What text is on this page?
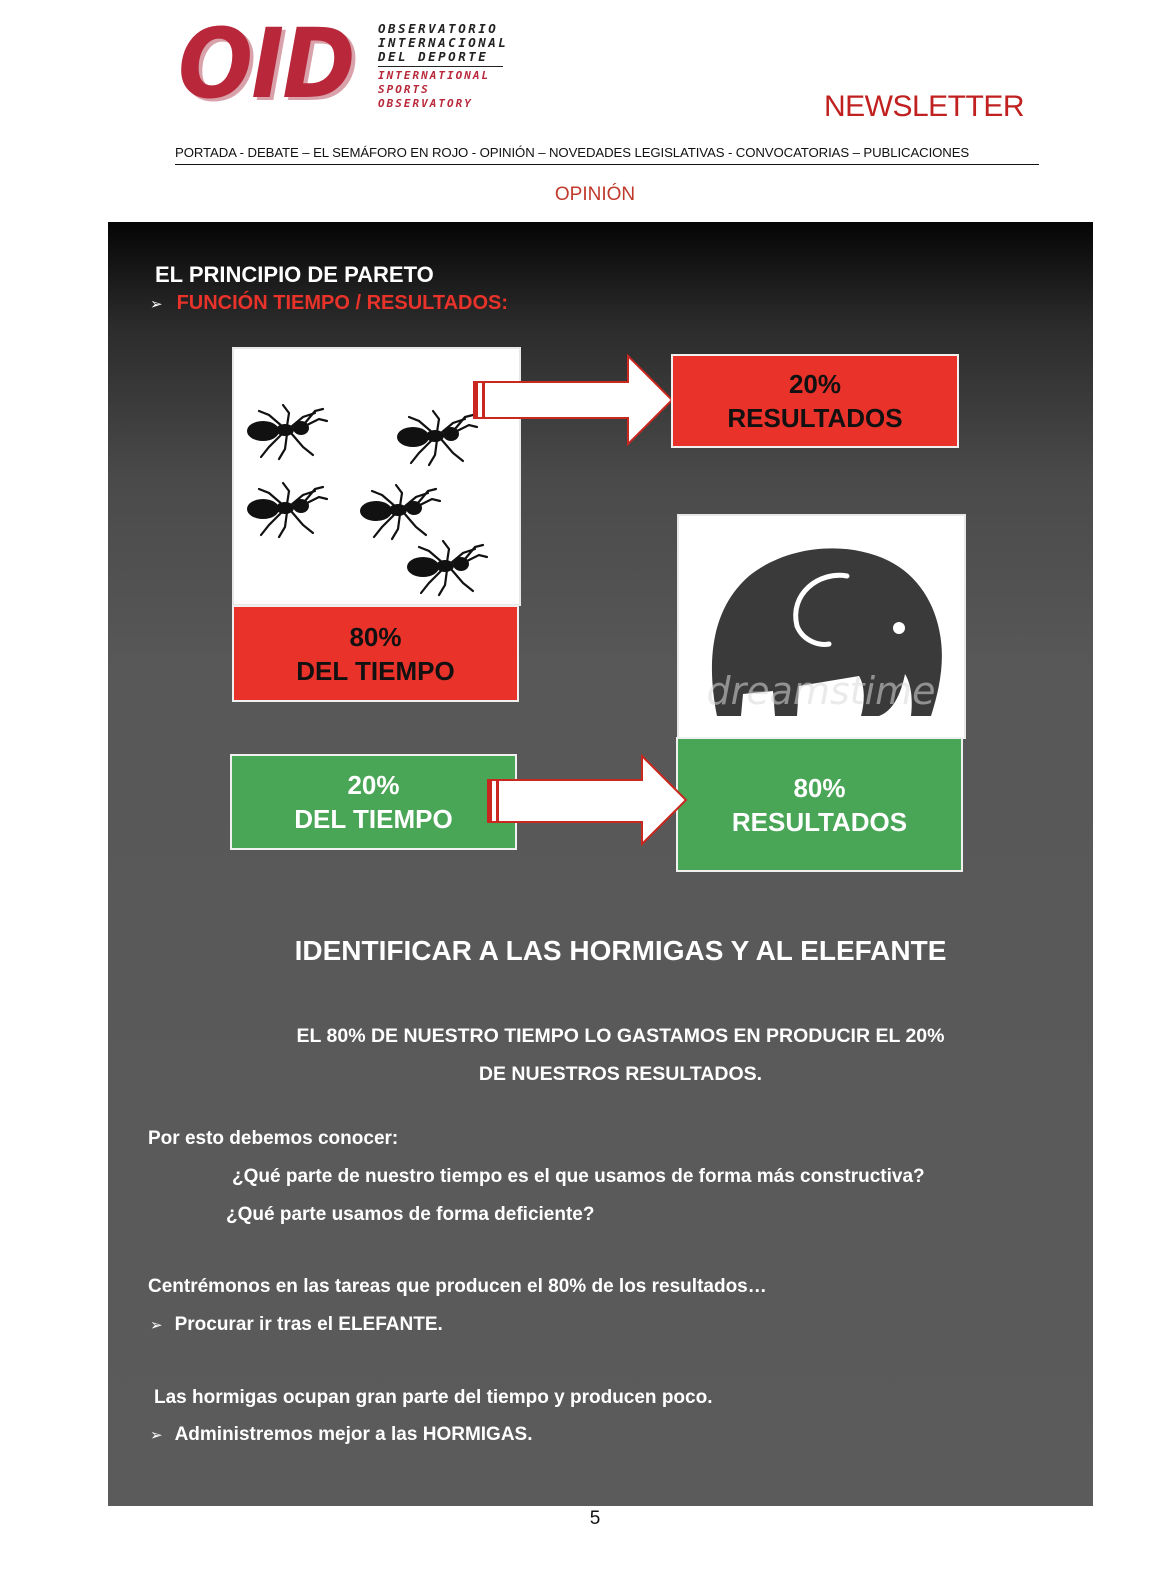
OID OBSERVATORIO
INTERNACIONAL
DEL DEPORTE
INTERNATIONAL
SPORTS OBSERVATORY	NEWSLETTER
PORTADA - DEBATE – EL SEMÁFORO EN ROJO - OPINIÓN – NOVEDADES LEGISLATIVAS - CONVOCATORIAS – PUBLICACIONES
OPINIÓN
EL PRINCIPIO DE PARETO
➢ FUNCIÓN TIEMPO / RESULTADOS:
80%
DEL TIEMPO
20%
RESULTADOS
dreamstime
80%
RESULTADOS
20%
DEL TIEMPO
IDENTIFICAR A LAS HORMIGAS Y AL ELEFANTE
EL 80% DE NUESTRO TIEMPO LO GASTAMOS EN PRODUCIR EL 20%
DE NUESTROS RESULTADOS.
Por esto debemos conocer:
¿Qué parte de nuestro tiempo es el que usamos de forma más constructiva?
¿Qué parte usamos de forma deficiente?
Centrémonos en las tareas que producen el 80% de los resultados…
➢ Procurar ir tras el ELEFANTE.
Las hormigas ocupan gran parte del tiempo y producen poco.
➢ Administremos mejor a las HORMIGAS.
5
